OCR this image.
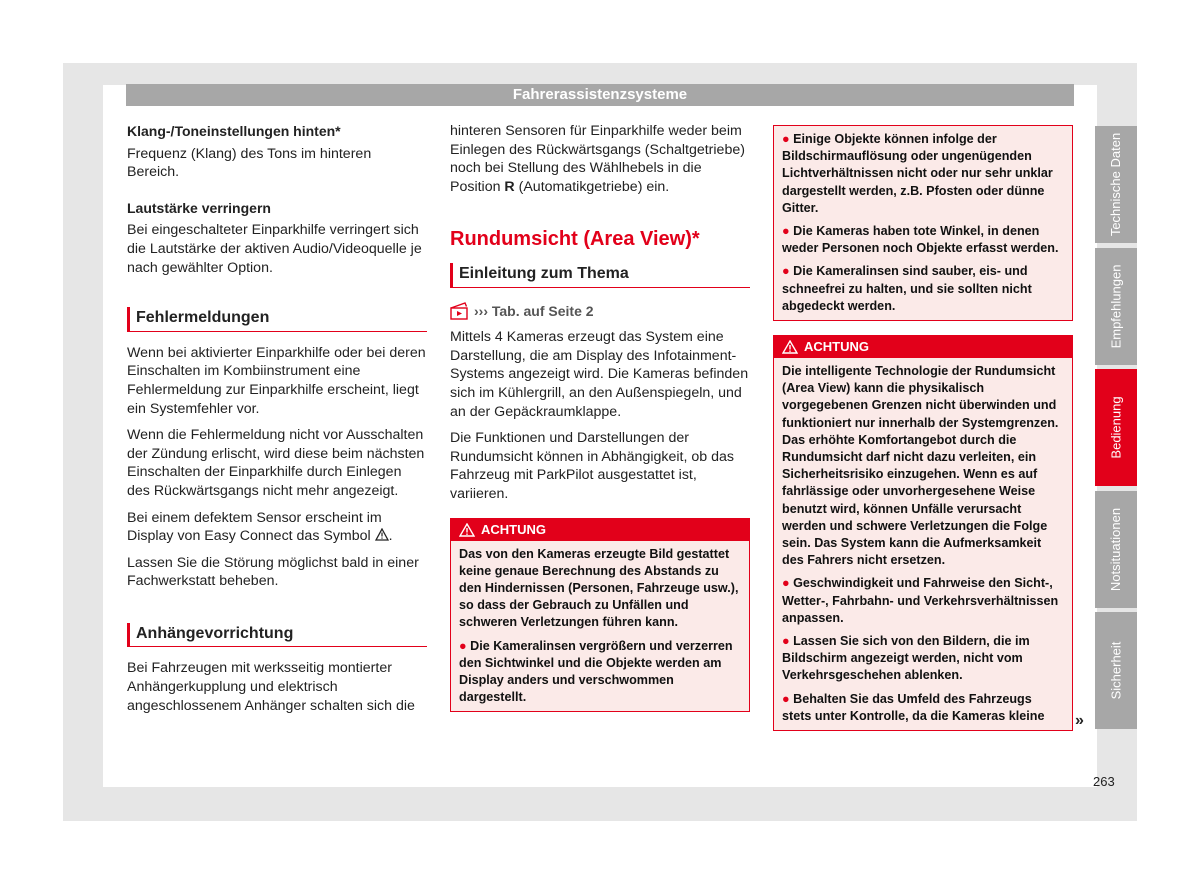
Fahrerassistenzsysteme
Klang-/Toneinstellungen hinten*

Frequenz (Klang) des Tons im hinteren Bereich.

Lautstärke verringern

Bei eingeschalteter Einparkhilfe verringert sich die Lautstärke der aktiven Audio/Videoquelle je nach gewählter Option.

Fehlermeldungen

Wenn bei aktivierter Einparkhilfe oder bei deren Einschalten im Kombiinstrument eine Fehlermeldung zur Einparkhilfe erscheint, liegt ein Systemfehler vor.

Wenn die Fehlermeldung nicht vor Ausschalten der Zündung erlischt, wird diese beim nächsten Einschalten der Einparkhilfe durch Einlegen des Rückwärtsgangs nicht mehr angezeigt.

Bei einem defektem Sensor erscheint im Display von Easy Connect das Symbol .

Lassen Sie die Störung möglichst bald in einer Fachwerkstatt beheben.

Anhängevorrichtung

Bei Fahrzeugen mit werksseitig montierter Anhängerkupplung und elektrisch angeschlossenem Anhänger schalten sich die

hinteren Sensoren für Einparkhilfe weder beim Einlegen des Rückwärtsgangs (Schaltgetriebe) noch bei Stellung des Wählhebels in die Position R (Automatikgetriebe) ein.

Rundumsicht (Area View)*
Einleitung zum Thema
››› Tab. auf Seite 2

Mittels 4 Kameras erzeugt das System eine Darstellung, die am Display des Infotainment-Systems angezeigt wird. Die Kameras befinden sich im Kühlergrill, an den Außenspiegeln, und an der Gepäckraumklappe.

Die Funktionen und Darstellungen der Rundumsicht können in Abhängigkeit, ob das Fahrzeug mit ParkPilot ausgestattet ist, variieren.

ACHTUNG

Das von den Kameras erzeugte Bild gestattet keine genaue Berechnung des Abstands zu den Hindernissen (Personen, Fahrzeuge usw.), so dass der Gebrauch zu Unfällen und schweren Verletzungen führen kann.

● Die Kameralinsen vergrößern und verzerren den Sichtwinkel und die Objekte werden am Display anders und verschwommen dargestellt.

● Einige Objekte können infolge der Bildschirmauflösung oder ungenügenden Lichtverhältnissen nicht oder nur sehr unklar dargestellt werden, z.B. Pfosten oder dünne Gitter.

● Die Kameras haben tote Winkel, in denen weder Personen noch Objekte erfasst werden.

● Die Kameralinsen sind sauber, eis- und schneefrei zu halten, und sie sollten nicht abgedeckt werden.

ACHTUNG

Die intelligente Technologie der Rundumsicht (Area View) kann die physikalisch vorgegebenen Grenzen nicht überwinden und funktioniert nur innerhalb der Systemgrenzen. Das erhöhte Komfortangebot durch die Rundumsicht darf nicht dazu verleiten, ein Sicherheitsrisiko einzugehen. Wenn es auf fahrlässige oder unvorhergesehene Weise benutzt wird, können Unfälle verursacht werden und schwere Verletzungen die Folge sein. Das System kann die Aufmerksamkeit des Fahrers nicht ersetzen.

● Geschwindigkeit und Fahrweise den Sicht-, Wetter-, Fahrbahn- und Verkehrsverhältnissen anpassen.

● Lassen Sie sich von den Bildern, die im Bildschirm angezeigt werden, nicht vom Verkehrsgeschehen ablenken.

● Behalten Sie das Umfeld des Fahrzeugs stets unter Kontrolle, da die Kameras kleine	»
Technische Daten
Empfehlungen
Bedienung
Notsituationen
Sicherheit
263
